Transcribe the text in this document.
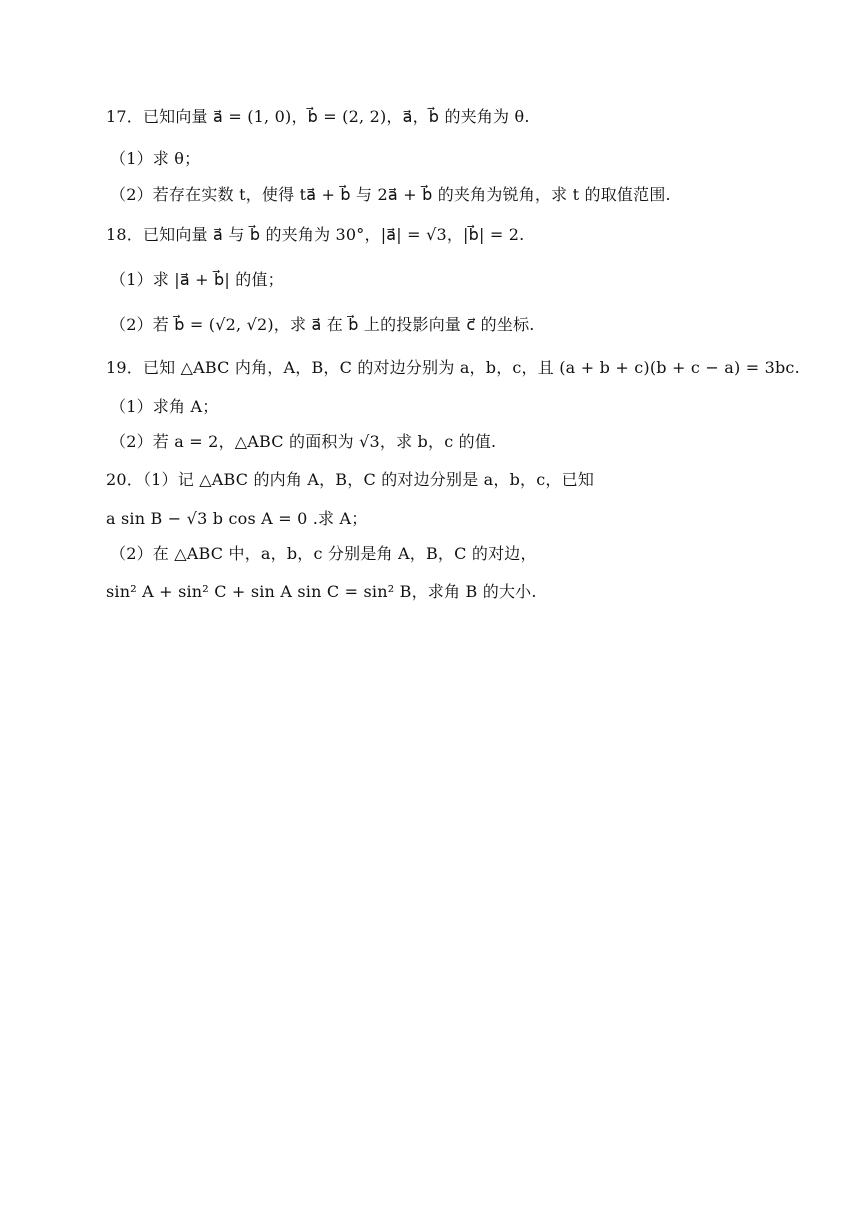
17．已知向量 a⃗ = (1, 0)，b⃗ = (2, 2)，a⃗，b⃗ 的夹角为 θ.
（1）求 θ；
（2）若存在实数 t，使得 ta⃗ + b⃗ 与 2a⃗ + b⃗ 的夹角为锐角，求 t 的取值范围.
18．已知向量 a⃗ 与 b⃗ 的夹角为 30°，|a⃗| = √3，|b⃗| = 2.
（1）求 |a⃗ + b⃗| 的值；
（2）若 b⃗ = (√2, √2)，求 a⃗ 在 b⃗ 上的投影向量 c⃗ 的坐标.
19．已知 △ABC 内角，A，B，C 的对边分别为 a，b，c，且 (a + b + c)(b + c − a) = 3bc.
（1）求角 A；
（2）若 a = 2，△ABC 的面积为 √3，求 b，c 的值.
20．（1）记 △ABC 的内角 A，B，C 的对边分别是 a，b，c，已知
a sin B − √3 b cos A = 0 .求 A；
（2）在 △ABC 中，a，b，c 分别是角 A，B，C 的对边，
sin² A + sin² C + sin A sin C = sin² B，求角 B 的大小.
